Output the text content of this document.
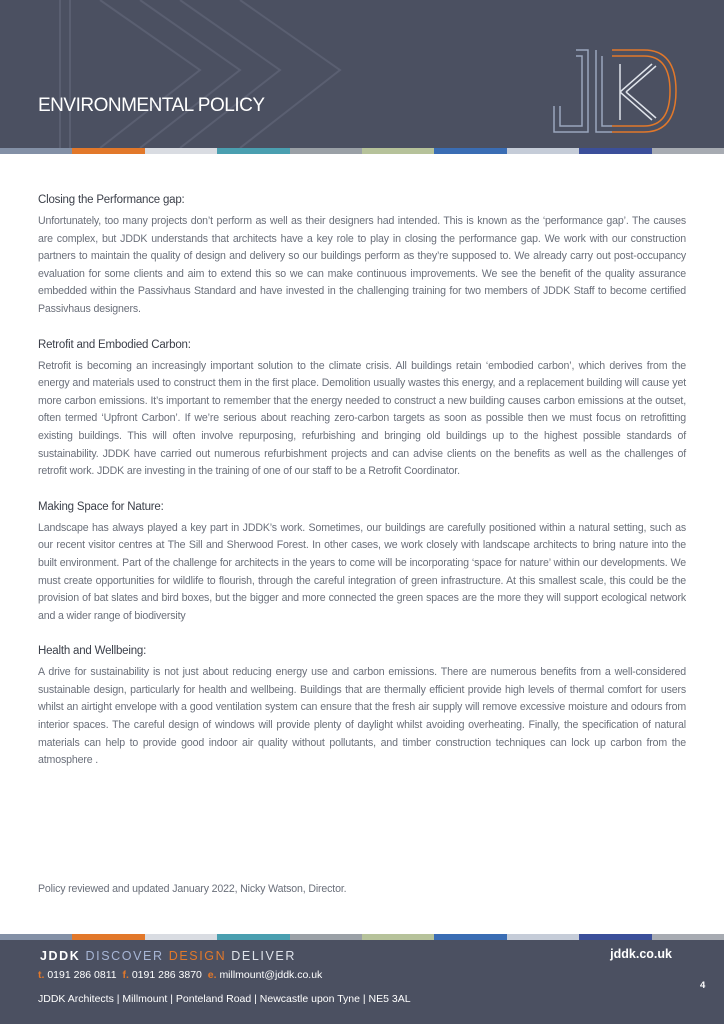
ENVIRONMENTAL POLICY
Closing the Performance gap:

Unfortunately, too many projects don’t perform as well as their designers had intended. This is known as the ‘performance gap’. The causes are complex, but JDDK understands that architects have a key role to play in closing the performance gap. We work with our construction partners to maintain the quality of design and delivery so our buildings perform as they’re supposed to. We already carry out post-occupancy evaluation for some clients and aim to extend this so we can make continuous improvements. We see the benefit of the quality assurance embedded within the Passivhaus Standard and have invested in the challenging training for two members of JDDK Staff to become certified Passivhaus designers.

Retrofit and Embodied Carbon:

Retrofit is becoming an increasingly important solution to the climate crisis. All buildings retain ‘embodied carbon’, which derives from the energy and materials used to construct them in the first place. Demolition usually wastes this energy, and a replacement building will cause yet more carbon emissions. It’s important to remember that the energy needed to construct a new building causes carbon emissions at the outset, often termed ‘Upfront Carbon’. If we’re serious about reaching zero-carbon targets as soon as possible then we must focus on retrofitting existing buildings. This will often involve repurposing, refurbishing and bringing old buildings up to the highest possible standards of sustainability. JDDK have carried out numerous refurbishment projects and can advise clients on the benefits as well as the challenges of retrofit work. JDDK are investing in the training of one of our staff to be a Retrofit Coordinator.

Making Space for Nature:

Landscape has always played a key part in JDDK’s work. Sometimes, our buildings are carefully positioned within a natural setting, such as our recent visitor centres at The Sill and Sherwood Forest. In other cases, we work closely with landscape architects to bring nature into the built environment. Part of the challenge for architects in the years to come will be incorporating ‘space for nature’ within our developments. We must create opportunities for wildlife to flourish, through the careful integration of green infrastructure. At this smallest scale, this could be the provision of bat slates and bird boxes, but the bigger and more connected the green spaces are the more they will support ecological network and a wider range of biodiversity

Health and Wellbeing:

A drive for sustainability is not just about reducing energy use and carbon emissions. There are numerous benefits from a well-considered sustainable design, particularly for health and wellbeing. Buildings that are thermally efficient provide high levels of thermal comfort for users whilst an airtight envelope with a good ventilation system can ensure that the fresh air supply will remove excessive moisture and odours from interior spaces. The careful design of windows will provide plenty of daylight whilst avoiding overheating. Finally, the specification of natural materials can help to provide good indoor air quality without pollutants, and timber construction techniques can lock up carbon from the atmosphere .

Policy reviewed and updated January 2022, Nicky Watson, Director.
JDDK DISCOVER DESIGN DELIVER	jddk.co.uk
t. 0191 286 0811 f. 0191 286 3870 e. millmount@jddk.co.uk
JDDK Architects | Millmount | Ponteland Road | Newcastle upon Tyne | NE5 3AL
4
